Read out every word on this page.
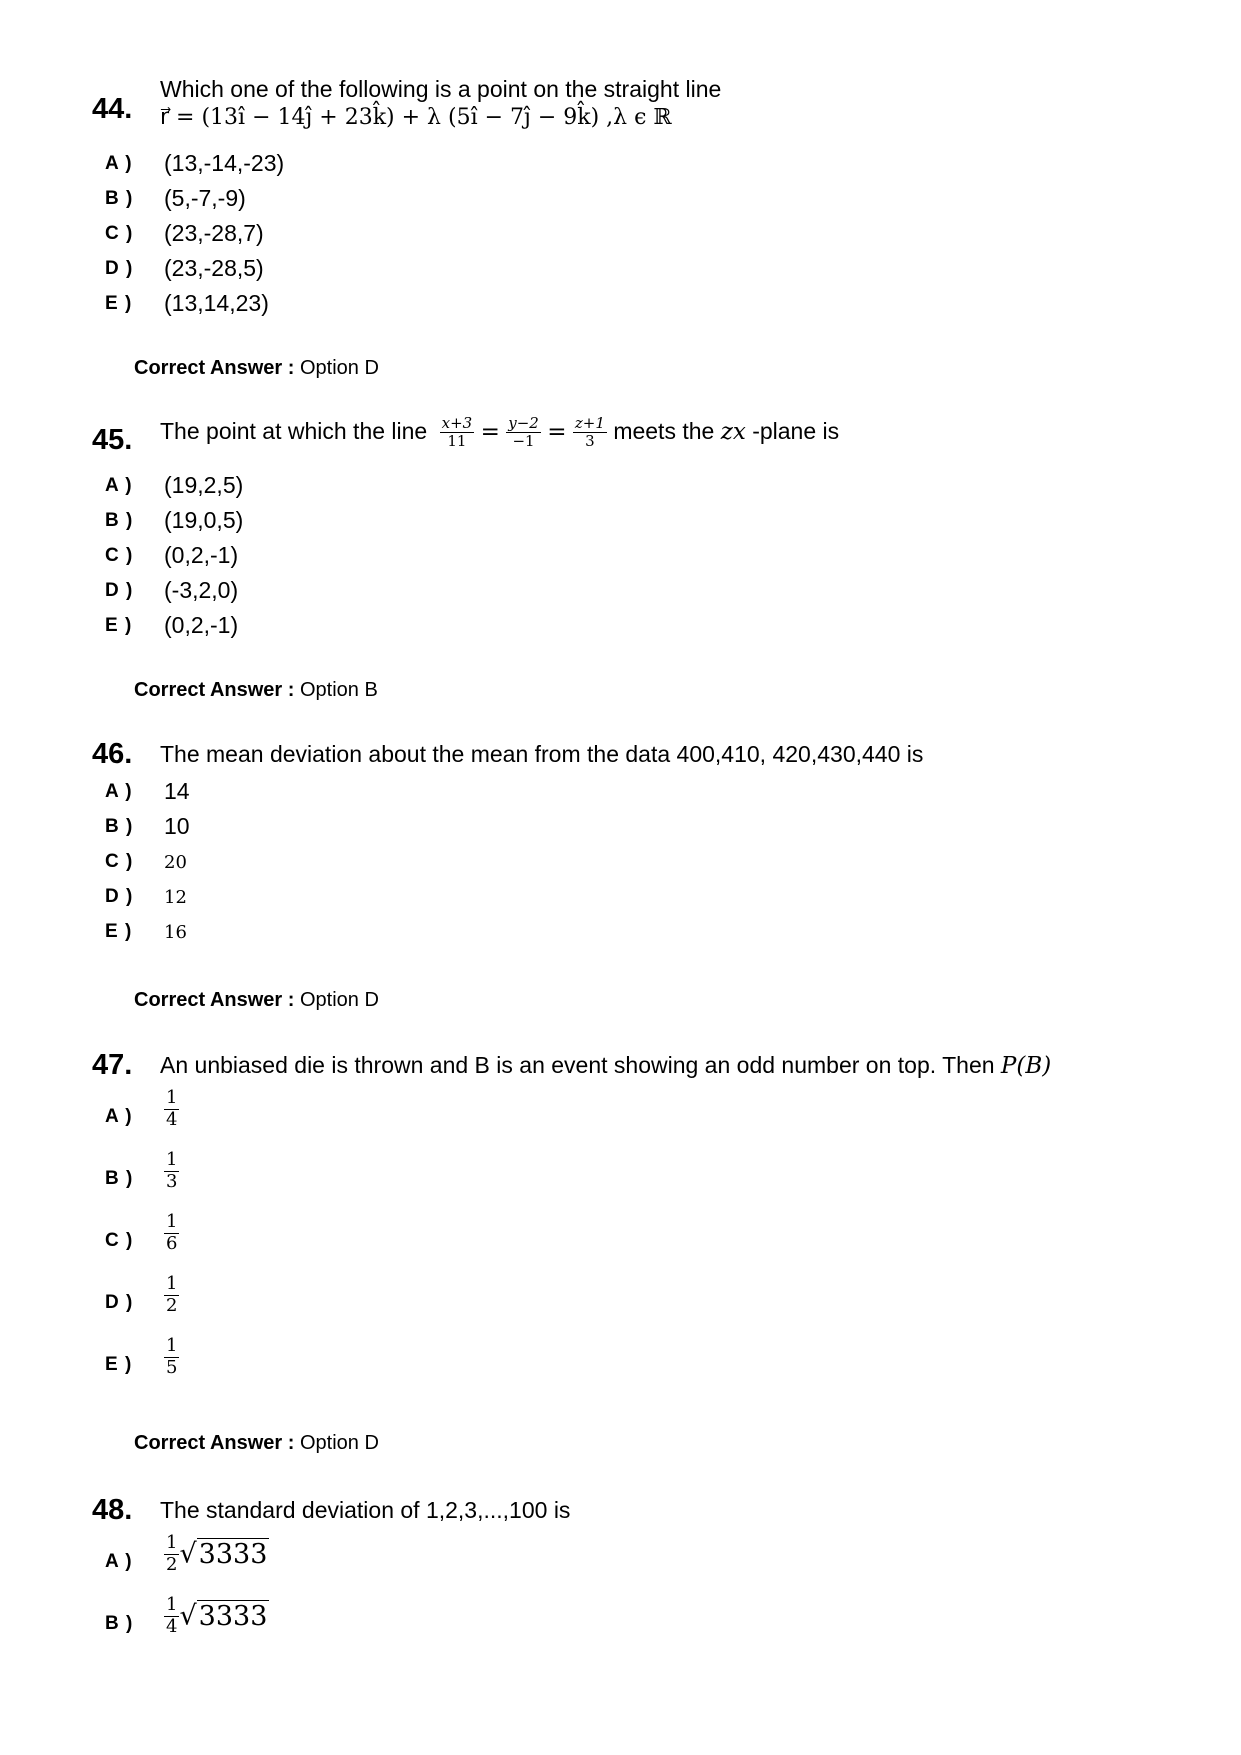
44.
Which one of the following is a point on the straight line
r⃗ = (13î − 14ĵ + 23k̂) + λ (5î − 7ĵ − 9k̂) ,λ ϵ ℝ
A ) (13,-14,-23)
B ) (5,-7,-9)
C ) (23,-28,7)
D ) (23,-28,5)
E ) (13,14,23)
Correct Answer : Option D
45. The point at which the line $\frac{x+3}{11} = \frac{y-2}{-1} = \frac{z+1}{3}$ meets the zx -plane is
A ) (19,2,5)
B ) (19,0,5)
C ) (0,2,-1)
D ) (-3,2,0)
E ) (0,2,-1)
Correct Answer : Option B
46. The mean deviation about the mean from the data 400,410, 420,430,440 is
A ) 14
B ) 10
C ) 20
D ) 12
E ) 16
Correct Answer : Option D
47. An unbiased die is thrown and B is an event showing an odd number on top. Then P(B)
A ) $\frac{1}{4}$
B ) $\frac{1}{3}$
C ) $\frac{1}{6}$
D ) $\frac{1}{2}$
E ) $\frac{1}{5}$
Correct Answer : Option D
48. The standard deviation of 1,2,3,...,100 is
A ) $\frac{1}{2} √3333$
B ) $\frac{1}{4} √3333$
